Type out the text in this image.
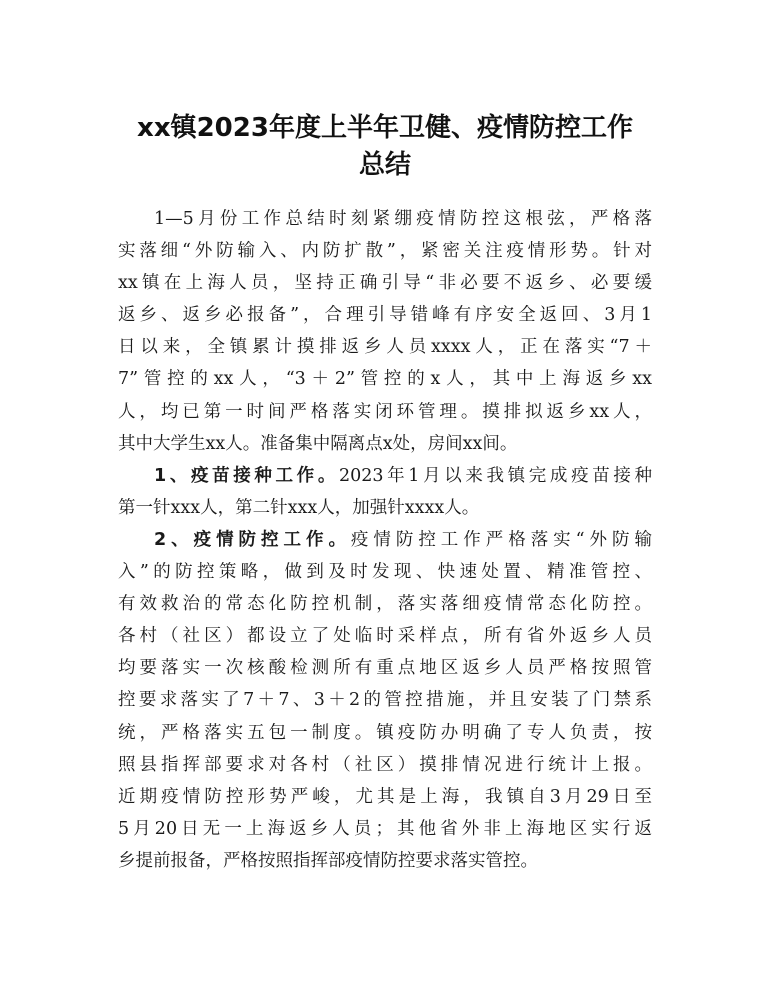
xx镇2023年度上半年卫健、疫情防控工作
总结
1—5月份工作总结时刻紧绷疫情防控这根弦，严格落
实落细“外防输入、内防扩散”，紧密关注疫情形势。针对
xx镇在上海人员，坚持正确引导“非必要不返乡、必要缓
返乡、返乡必报备”，合理引导错峰有序安全返回、3月1
日以来，全镇累计摸排返乡人员xxxx人，正在落实“7＋
7”管控的xx人，“3＋2”管控的x人，其中上海返乡xx
人，均已第一时间严格落实闭环管理。摸排拟返乡xx人，
其中大学生xx人。准备集中隔离点x处，房间xx间。
1、疫苗接种工作。2023年1月以来我镇完成疫苗接种
第一针xxx人，第二针xxx人，加强针xxxx人。
2、疫情防控工作。疫情防控工作严格落实“外防输
入”的防控策略，做到及时发现、快速处置、精准管控、
有效救治的常态化防控机制，落实落细疫情常态化防控。
各村（社区）都设立了处临时采样点，所有省外返乡人员
均要落实一次核酸检测所有重点地区返乡人员严格按照管
控要求落实了7＋7、3＋2的管控措施，并且安装了门禁系
统，严格落实五包一制度。镇疫防办明确了专人负责，按
照县指挥部要求对各村（社区）摸排情况进行统计上报。
近期疫情防控形势严峻，尤其是上海，我镇自3月29日至
5月20日无一上海返乡人员；其他省外非上海地区实行返
乡提前报备，严格按照指挥部疫情防控要求落实管控。
